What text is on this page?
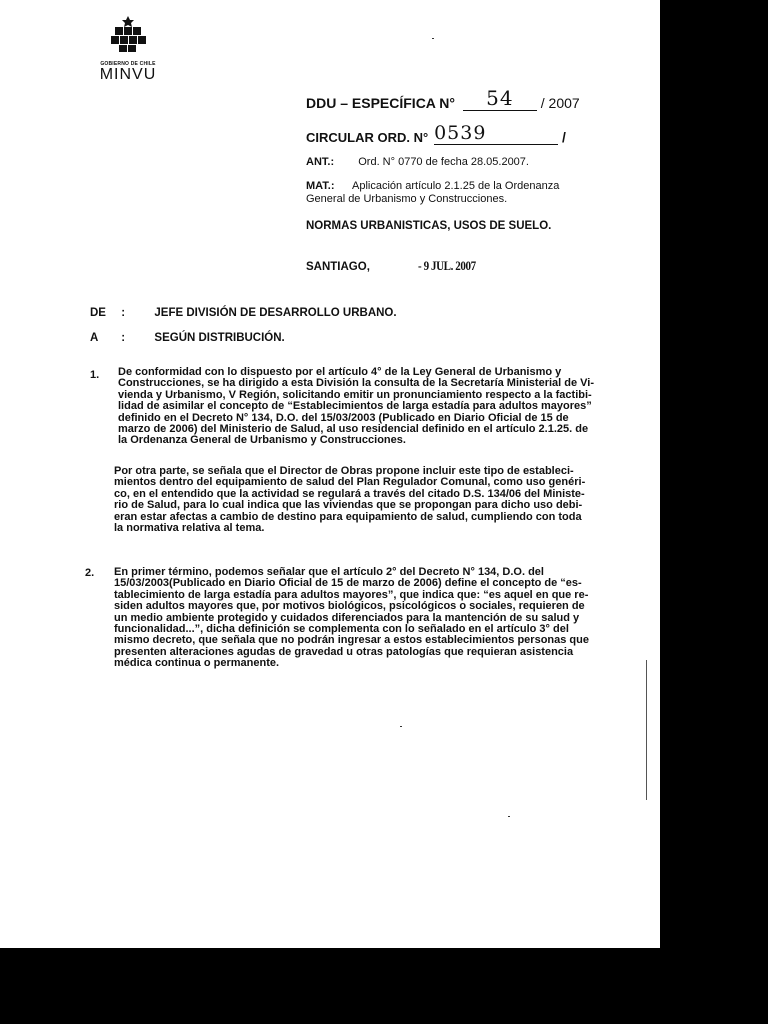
GOBIERNO DE CHILE
MINVU
DDU – ESPECÍFICA N° 54 / 2007
CIRCULAR ORD. N° 0539	/
ANT.: Ord. N° 0770 de fecha 28.05.2007.
MAT.: Aplicación artículo 2.1.25 de la Ordenanza
General de Urbanismo y Construcciones.
NORMAS URBANISTICAS, USOS DE SUELO.
SANTIAGO,	- 9 JUL. 2007
DE :	JEFE DIVISIÓN DE DESARROLLO URBANO.
A :	SEGÚN DISTRIBUCIÓN.
1. De conformidad con lo dispuesto por el artículo 4° de la Ley General de Urbanismo y
Construcciones, se ha dirigido a esta División la consulta de la Secretaría Ministerial de Vi-
vienda y Urbanismo, V Región, solicitando emitir un pronunciamiento respecto a la factibi-
lidad de asimilar el concepto de “Establecimientos de larga estadía para adultos mayores”
definido en el Decreto N° 134, D.O. del 15/03/2003 (Publicado en Diario Oficial de 15 de
marzo de 2006) del Ministerio de Salud, al uso residencial definido en el artículo 2.1.25. de
la Ordenanza General de Urbanismo y Construcciones.
Por otra parte, se señala que el Director de Obras propone incluir este tipo de estableci-
mientos dentro del equipamiento de salud del Plan Regulador Comunal, como uso genéri-
co, en el entendido que la actividad se regulará a través del citado D.S. 134/06 del Ministe-
rio de Salud, para lo cual indica que las viviendas que se propongan para dicho uso debi-
eran estar afectas a cambio de destino para equipamiento de salud, cumpliendo con toda
la normativa relativa al tema.
2. En primer término, podemos señalar que el artículo 2° del Decreto N° 134, D.O. del
15/03/2003(Publicado en Diario Oficial de 15 de marzo de 2006) define el concepto de “es-
tablecimiento de larga estadía para adultos mayores”, que indica que: “es aquel en que re-
siden adultos mayores que, por motivos biológicos, psicológicos o sociales, requieren de
un medio ambiente protegido y cuidados diferenciados para la mantención de su salud y
funcionalidad...”, dicha definición se complementa con lo señalado en el artículo 3° del
mismo decreto, que señala que no podrán ingresar a estos establecimientos personas que
presenten alteraciones agudas de gravedad u otras patologías que requieran asistencia
médica continua o permanente.
